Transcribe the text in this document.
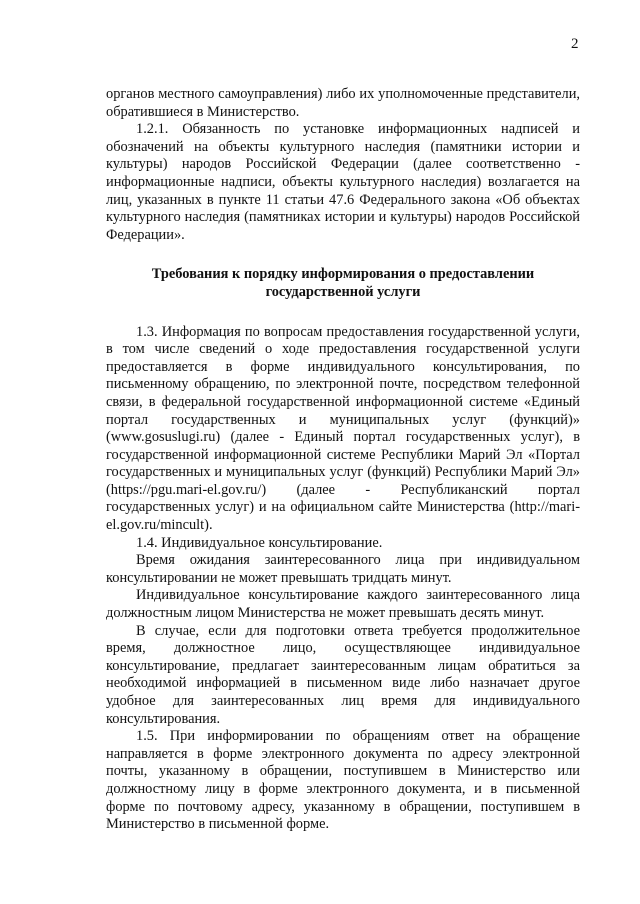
2

органов местного самоуправления) либо их уполномоченные представители, обратившиеся в Министерство.

1.2.1. Обязанность по установке информационных надписей и обозначений на объекты культурного наследия (памятники истории и культуры) народов Российской Федерации (далее соответственно - информационные надписи, объекты культурного наследия) возлагается на лиц, указанных в пункте 11 статьи 47.6 Федерального закона «Об объектах культурного наследия (памятниках истории и культуры) народов Российской Федерации».

Требования к порядку информирования о предоставлении государственной услуги

1.3. Информация по вопросам предоставления государственной услуги, в том числе сведений о ходе предоставления государственной услуги предоставляется в форме индивидуального консультирования, по письменному обращению, по электронной почте, посредством телефонной связи, в федеральной государственной информационной системе «Единый портал государственных и муниципальных услуг (функций)» (www.gosuslugi.ru) (далее - Единый портал государственных услуг), в государственной информационной системе Республики Марий Эл «Портал государственных и муниципальных услуг (функций) Республики Марий Эл» (https://pgu.mari-el.gov.ru/) (далее - Республиканский портал государственных услуг) и на официальном сайте Министерства (http://mari-el.gov.ru/mincult).

1.4. Индивидуальное консультирование.

Время ожидания заинтересованного лица при индивидуальном консультировании не может превышать тридцать минут.

Индивидуальное консультирование каждого заинтересованного лица должностным лицом Министерства не может превышать десять минут.

В случае, если для подготовки ответа требуется продолжительное время, должностное лицо, осуществляющее индивидуальное консультирование, предлагает заинтересованным лицам обратиться за необходимой информацией в письменном виде либо назначает другое удобное для заинтересованных лиц время для индивидуального консультирования.

1.5. При информировании по обращениям ответ на обращение направляется в форме электронного документа по адресу электронной почты, указанному в обращении, поступившем в Министерство или должностному лицу в форме электронного документа, и в письменной форме по почтовому адресу, указанному в обращении, поступившем в Министерство в письменной форме.
